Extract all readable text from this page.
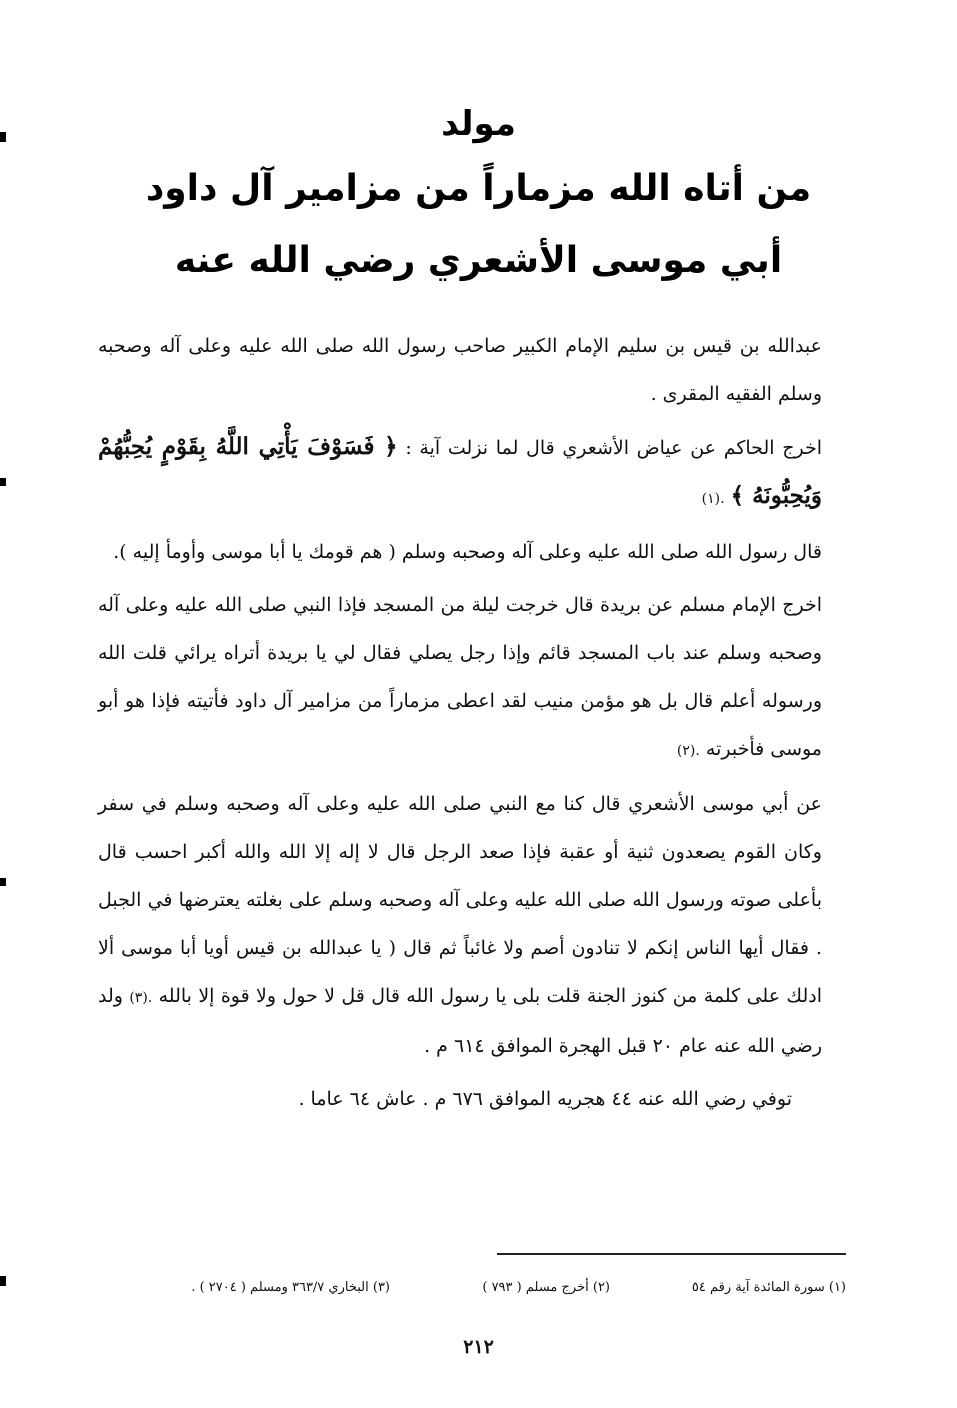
مولد
من أتاه الله مزماراً من مزامير آل داود
أبي موسى الأشعري رضي الله عنه

عبدالله بن قيس بن سليم الإمام الكبير صاحب رسول الله صلى الله عليه وعلى آله وصحبه وسلم الفقيه المقرى .

اخرج الحاكم عن عياض الأشعري قال لما نزلت آية : ﴿ فَسَوْفَ يَأْتِي اللَّهُ بِقَوْمٍ يُحِبُّهُمْ وَيُحِبُّونَهُ ﴾ .(١)

قال رسول الله صلى الله عليه وعلى آله وصحبه وسلم ( هم قومك يا أبا موسى وأومأ إليه ).

اخرج الإمام مسلم عن بريدة قال خرجت ليلة من المسجد فإذا النبي صلى الله عليه وعلى آله وصحبه وسلم عند باب المسجد قائم وإذا رجل يصلي فقال لي يا بريدة أتراه يرائي قلت الله ورسوله أعلم قال بل هو مؤمن منيب لقد اعطى مزماراً من مزامير آل داود فأتيته فإذا هو أبو موسى فأخبرته .(٢)

عن أبي موسى الأشعري قال كنا مع النبي صلى الله عليه وعلى آله وصحبه وسلم في سفر وكان القوم يصعدون ثنية أو عقبة فإذا صعد الرجل قال لا إله إلا الله والله أكبر احسب قال بأعلى صوته ورسول الله صلى الله عليه وعلى آله وصحبه وسلم على بغلته يعترضها في الجبل . فقال أيها الناس إنكم لا تنادون أصم ولا غائباً ثم قال ( يا عبدالله بن قيس أويا أبا موسى ألا ادلك على كلمة من كنوز الجنة قلت بلى يا رسول الله قال قل لا حول ولا قوة إلا بالله .(٣) ولد رضي الله عنه عام ٢٠ قبل الهجرة الموافق ٦١٤ م .

توفي رضي الله عنه ٤٤ هجريه الموافق ٦٧٦ م . عاش ٦٤ عاما .

(١) سورة المائدة آية رقم ٥٤
(٢) أخرج مسلم ( ٧٩٣ )
(٣) البخاري ٣٦٣/٧ ومسلم ( ٢٧٠٤ ) .
٢١٢
